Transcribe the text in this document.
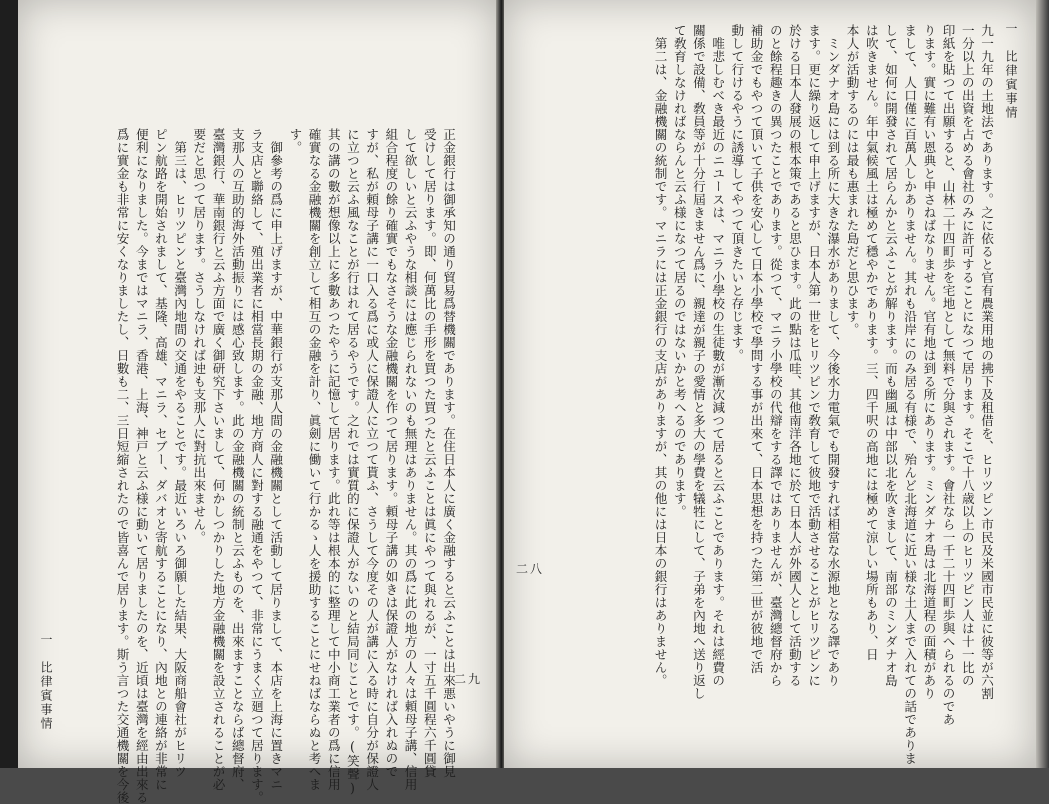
一　比律賓事情	正金銀行は御承知の通り貿易爲替機關であります。在住日本人に廣く金融すると云ふことは出來悪いやうに御見
受けして居ります。即、何萬比の手形を買つた買つたと云ふことは眞にやつて與れるが、一寸五千圓程六千圓貸
して欲しいと云ふやうな相談には應じられないのも無理はありません。其の爲に此の地方の人々は頼母子講、信用
組合程度の餘り確實でもなさそうな金融機關を作つて居ります。頼母子講の如きは保證人がなければ入れぬので
すが、私が頼母子講に一口入る爲に或人に保證人に立つて貰ふ、さうして今度その人が講に入る時に自分が保證人
に立つと云ふ風なことが行はれて居るやうです。之れでは實質的に保證人がないのと結局同じことです。(笑聲)
其の講の數が想像以上に多數あつたやうに記憶して居ります。此れ等は根本的に整理して中小商工業者の爲に信用
確實なる金融機關を創立して相互の金融を計り、眞劍に働いて行かるゝ人を援助することにせねばならぬと考へま
す。
御參考の爲に申上げますが、中華銀行が支那人間の金融機關として活動して居りまして、本店を上海に置きマニ
ラ支店と聯絡して、殖出業者に相當長期の金融、地方商人に對する融通をやつて、非常にうまく立廻つて居ります。
支那人の互助的海外活動振りには感心致します。此の金融機關の統制と云ふものを、出來ますことならば總督府、
臺灣銀行、華南銀行と云ふ方面で廣く御研究下さいまして、何かしつかりした地方金融機關を設立されることが必
要だと思つて居ります。さうしなければ迚も支那人に對抗出來ません。
第三は、ヒリツピンと臺灣內地間の交通をやることです。最近いろいろ御願した結果、大阪商船會社がヒリツ
ピン航路を開始されまして、基隆、高雄、マニラ、セブー、ダバオと寄航することになり、內地との連絡が非常に
便利になりました。今まではマニラ、香港、上海、神戸と云ふ様に動いて居りましたのを、近頃は臺灣を經由出來る
爲に實金も非常に安くなりましたし、日數も二、三日短縮されたので皆喜んで居ります。斯う言つた交通機關を今後	二九
一　比律賓事情
九一九年の土地法であります。之に依ると官有農業用地の拂下及租借を、ヒリツピン市民及米國市民並に彼等が六割
一分以上の出資を占める會社のみに許可することになつて居ります。そこで十八歳以上のヒリツピン人は十一比の
印紙を貼つて出願すると、山林二十四町歩を宅地として無料で分與されます。會社なら一千二十四町歩與へられるのであ
ります。實に難有い恩典と申さねばなりません。官有地は到る所にあります。ミンダナオ島は北海道程の面積があり
まして、人口僅に百萬人しかありません。其れも沿岸にのみ居る有様で、殆んど北海道に近い様な土人まで入れての話でありま
して、如何に開發されて居らんかと云ふことが解ります。而も幽風は中部以北を吹きまして、南部のミンダナオ島
は吹きません。年中氣候風土は極めて穩やかであります。三、四千呎の高地には極めて涼しい場所もあり、日
本人が活動するのには最も惠まれた島だと思ひます。
ミンダナオ島には到る所に大きな瀑水がありまして、今後水力電氣でも開發すれば相當な水源地となる譯であり
ます。更に繰り返して申上げますが、日本人第一世をヒリツピンで敎育して彼地で活動させることがヒリツピンに
於ける日本人發展の根本策であると思ひます。此の點は瓜哇、其他南洋各地に於て日本人が外國人として活動する
のと餘程趣きの異つたことであります。從つて、マニラ小學校の代辯をする譯ではありませんが、臺灣總督府から
補助金でもやつて頂いて子供を安心して日本小學校で學問する事が出來て、日本思想を持つた第二世が彼地で活
動して行けるやうに誘導してやつて頂きたいと存じます。
唯悲しむべき最近のニユースは、マニラ小學校の生徒數が漸次減つて居ると云ふことであります。それは經費の
關係で設備、敎員等が十分行屆きません爲に、親達が親子の愛情と多大の學費を犠牲にして、子弟を內地へ送り返し
て敎育しなければならんと云ふ様になつて居るのではないかと考へるのであります。
第二は、金融機關の統制です。マニラには正金銀行の支店がありますが、其の他には日本の銀行はありません。
二八
